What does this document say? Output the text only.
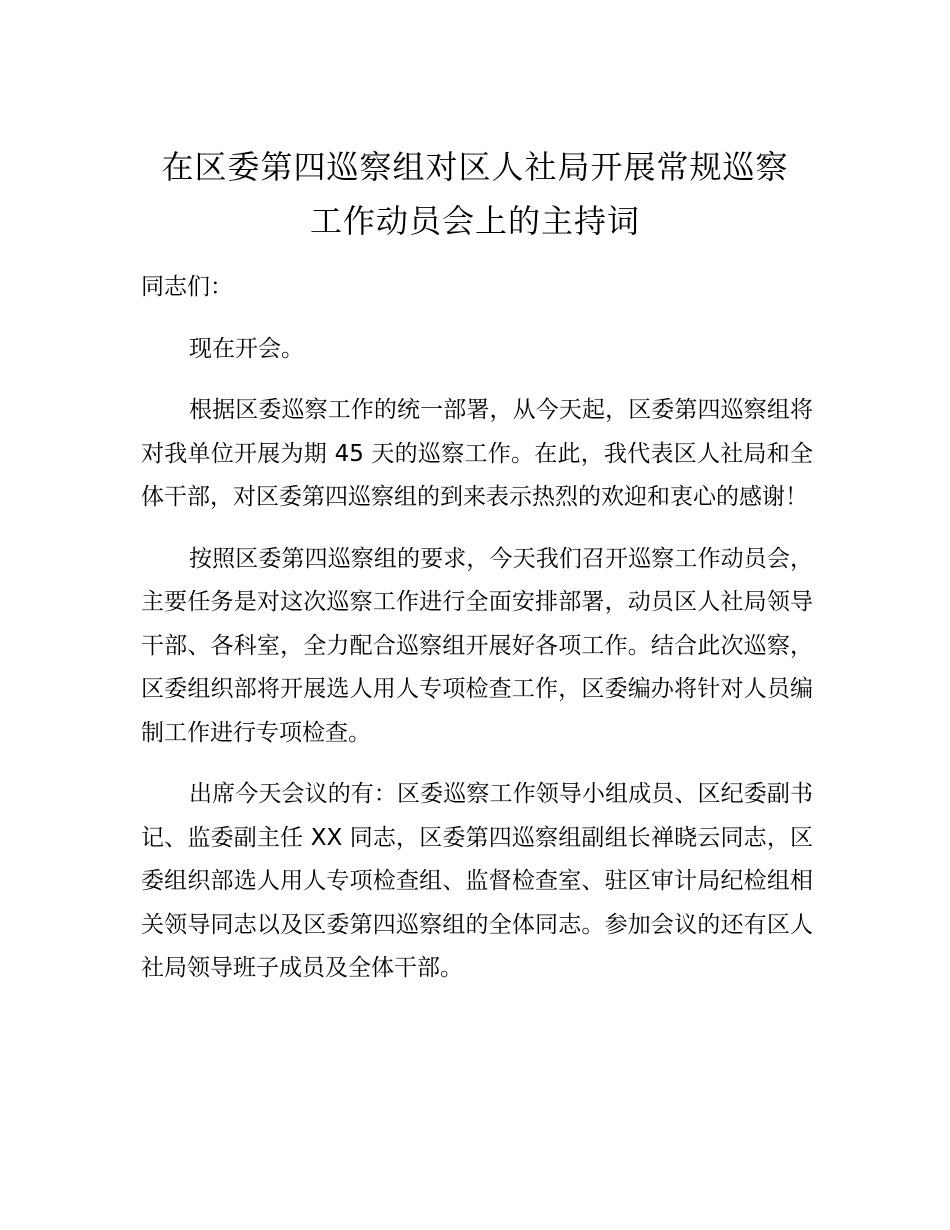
在区委第四巡察组对区人社局开展常规巡察
工作动员会上的主持词

同志们：

现在开会。

根据区委巡察工作的统一部署，从今天起，区委第四巡察组将对我单位开展为期 45 天的巡察工作。在此，我代表区人社局和全体干部，对区委第四巡察组的到来表示热烈的欢迎和衷心的感谢！

按照区委第四巡察组的要求，今天我们召开巡察工作动员会，主要任务是对这次巡察工作进行全面安排部署，动员区人社局领导干部、各科室，全力配合巡察组开展好各项工作。结合此次巡察，区委组织部将开展选人用人专项检查工作，区委编办将针对人员编制工作进行专项检查。

出席今天会议的有：区委巡察工作领导小组成员、区纪委副书记、监委副主任 XX 同志，区委第四巡察组副组长禅晓云同志，区委组织部选人用人专项检查组、监督检查室、驻区审计局纪检组相关领导同志以及区委第四巡察组的全体同志。参加会议的还有区人社局领导班子成员及全体干部。
